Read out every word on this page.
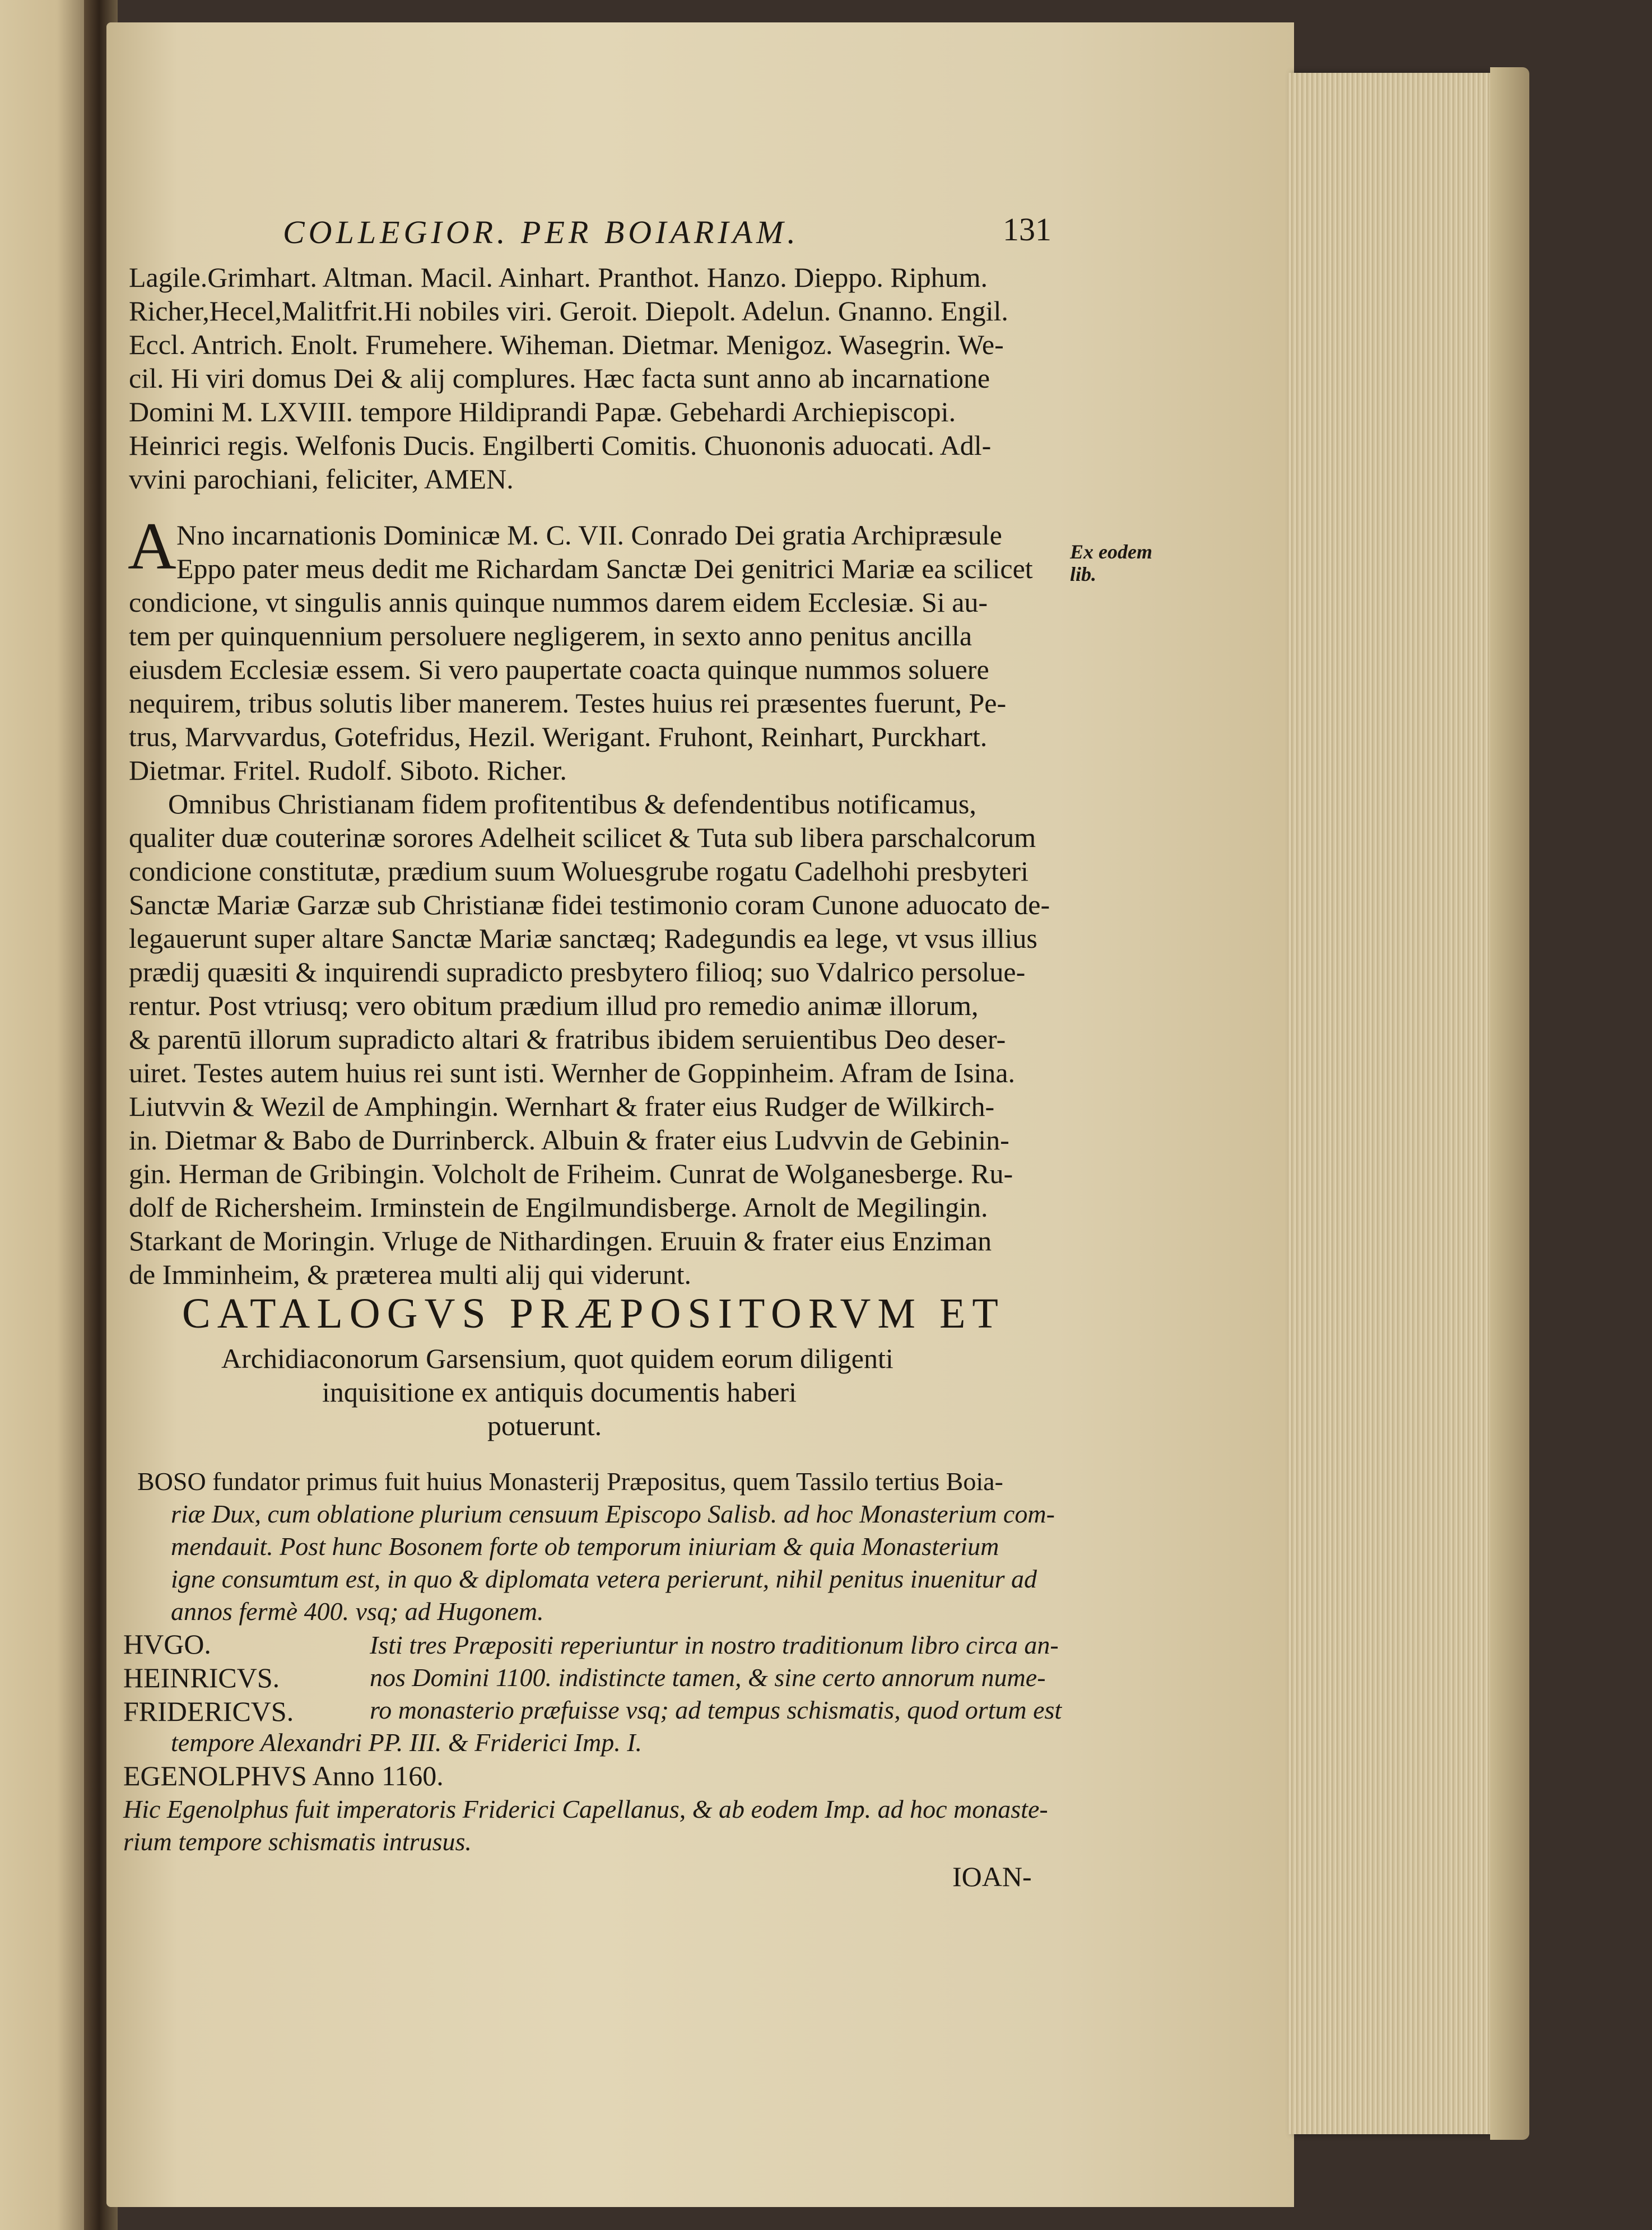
COLLEGIOR. PER BOIARIAM.	131
Lagile.Grimhart. Altman. Macil. Ainhart. Pranthot. Hanzo. Dieppo. Riphum.
Richer,Hecel,Malitfrit.Hi nobiles viri. Geroit. Diepolt. Adelun. Gnanno. Engil.
Eccl. Antrich. Enolt. Frumehere. Wiheman. Dietmar. Menigoz. Wasegrin. We-
cil. Hi viri domus Dei & alij complures. Hæc facta sunt anno ab incarnatione
Domini M. LXVIII. tempore Hildiprandi Papæ. Gebehardi Archiepiscopi.
Heinrici regis. Welfonis Ducis. Engilberti Comitis. Chuononis aduocati. Adl-
vvini parochiani, feliciter, AMEN.
A Nno incarnationis Dominicæ M. C. VII. Conrado Dei gratia Archipræsule
Eppo pater meus dedit me Richardam Sanctæ Dei genitrici Mariæ ea scilicet
condicione, vt singulis annis quinque nummos darem eidem Ecclesiæ. Si au-
tem per quinquennium persoluere negligerem, in sexto anno penitus ancilla
eiusdem Ecclesiæ essem. Si vero paupertate coacta quinque nummos soluere
nequirem, tribus solutis liber manerem. Testes huius rei præsentes fuerunt, Pe-
trus, Marvvardus, Gotefridus, Hezil. Werigant. Fruhont, Reinhart, Purckhart.
Dietmar. Fritel. Rudolf. Siboto. Richer.
Ex eodem
lib.
Omnibus Christianam fidem profitentibus & defendentibus notificamus,
qualiter duæ couterinæ sorores Adelheit scilicet & Tuta sub libera parschalcorum
condicione constitutæ, prædium suum Woluesgrube rogatu Cadelhohi presbyteri
Sanctæ Mariæ Garzæ sub Christianæ fidei testimonio coram Cunone aduocato de-
legauerunt super altare Sanctæ Mariæ sanctæq; Radegundis ea lege, vt vsus illius
prædij quæsiti & inquirendi supradicto presbytero filioq; suo Vdalrico persolue-
rentur. Post vtriusq; vero obitum prædium illud pro remedio animæ illorum,
& parentū illorum supradicto altari & fratribus ibidem seruientibus Deo deser-
uiret. Testes autem huius rei sunt isti. Wernher de Goppinheim. Afram de Isina.
Liutvvin & Wezil de Amphingin. Wernhart & frater eius Rudger de Wilkirch-
in. Dietmar & Babo de Durrinberck. Albuin & frater eius Ludvvin de Gebinin-
gin. Herman de Gribingin. Volcholt de Friheim. Cunrat de Wolganesberge. Ru-
dolf de Richersheim. Irminstein de Engilmundisberge. Arnolt de Megilingin.
Starkant de Moringin. Vrluge de Nithardingen. Eruuin & frater eius Enziman
de Imminheim, & prætereа multi alij qui viderunt.
CATALOGVS PRÆPOSITORVM ET
Archidiaconorum Garsensium, quot quidem eorum diligenti
inquisitione ex antiquis documentis haberi
potuerunt.
BOSO fundator primus fuit huius Monasterij Præpositus, quem Tassilo tertius Boia-
riæ Dux, cum oblatione plurium censuum Episcopo Salisb. ad hoc Monasterium com-
mendauit. Post hunc Bosonem forte ob temporum iniuriam & quia Monasterium
igne consumtum est, in quo & diplomata vetera perierunt, nihil penitus inuenitur ad
annos fermè 400. vsq; ad Hugonem.
HVGO.
HEINRICVS.
FRIDERICVS.
Isti tres Præpositi reperiuntur in nostro traditionum libro circa an-
nos Domini 1100. indistincte tamen, & sine certo annorum nume-
ro monasterio præfuisse vsq; ad tempus schismatis, quod ortum est
tempore Alexandri PP. III. & Friderici Imp. I.
EGENOLPHVS Anno 1160.
Hic Egenolphus fuit imperatoris Friderici Capellanus, & ab eodem Imp. ad hoc monaste-
rium tempore schismatis intrusus.
IOAN-
